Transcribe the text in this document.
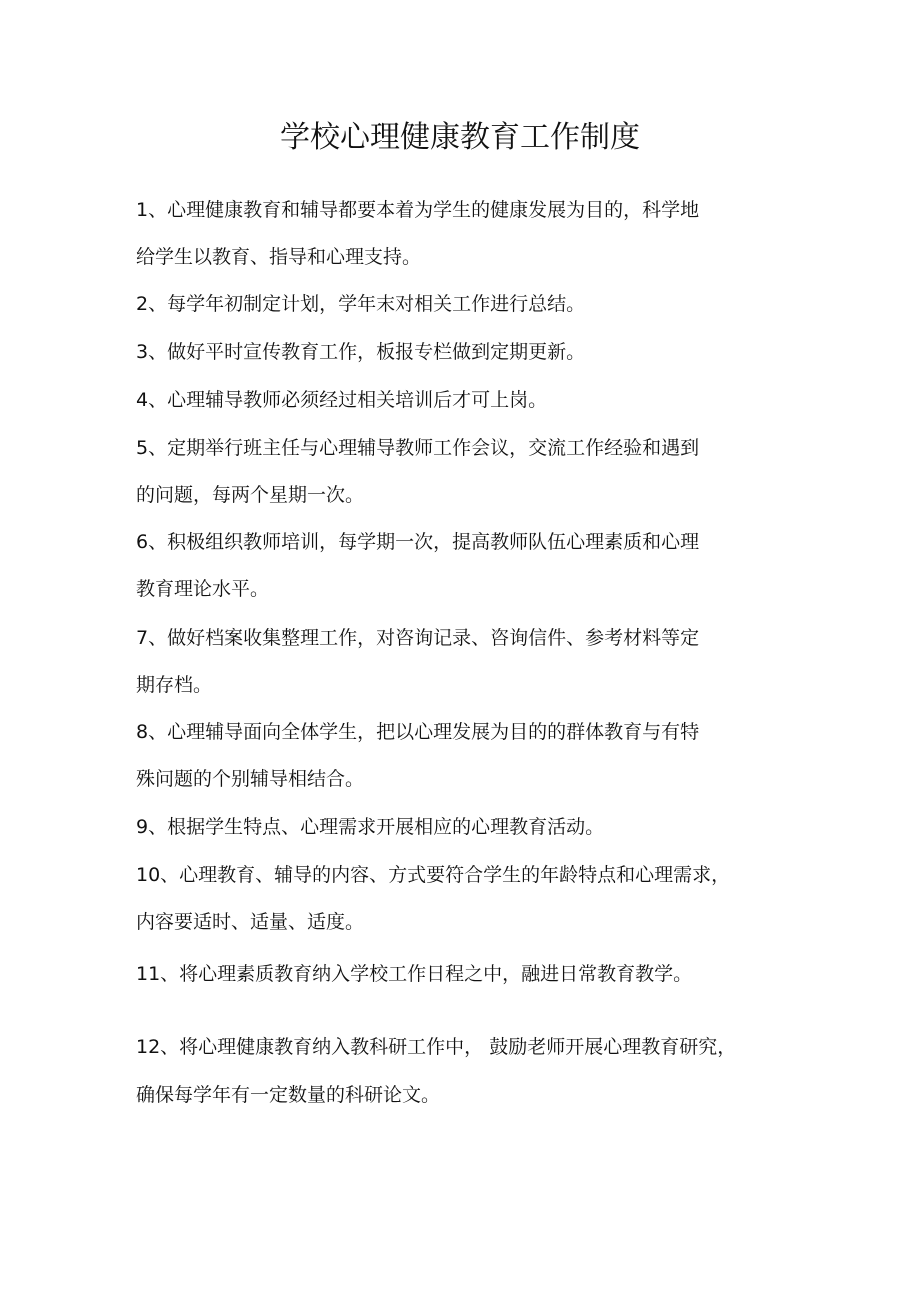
学校心理健康教育工作制度
1、心理健康教育和辅导都要本着为学生的健康发展为目的，科学地
给学生以教育、指导和心理支持。
2、每学年初制定计划，学年末对相关工作进行总结。
3、做好平时宣传教育工作，板报专栏做到定期更新。
4、心理辅导教师必须经过相关培训后才可上岗。
5、定期举行班主任与心理辅导教师工作会议，交流工作经验和遇到
的问题，每两个星期一次。
6、积极组织教师培训，每学期一次，提高教师队伍心理素质和心理
教育理论水平。
7、做好档案收集整理工作，对咨询记录、咨询信件、参考材料等定
期存档。
8、心理辅导面向全体学生，把以心理发展为目的的群体教育与有特
殊问题的个别辅导相结合。
9、根据学生特点、心理需求开展相应的心理教育活动。
10、心理教育、辅导的内容、方式要符合学生的年龄特点和心理需求，
内容要适时、适量、适度。
11、将心理素质教育纳入学校工作日程之中，融进日常教育教学。
12、将心理健康教育纳入教科研工作中， 鼓励老师开展心理教育研究，
确保每学年有一定数量的科研论文。
